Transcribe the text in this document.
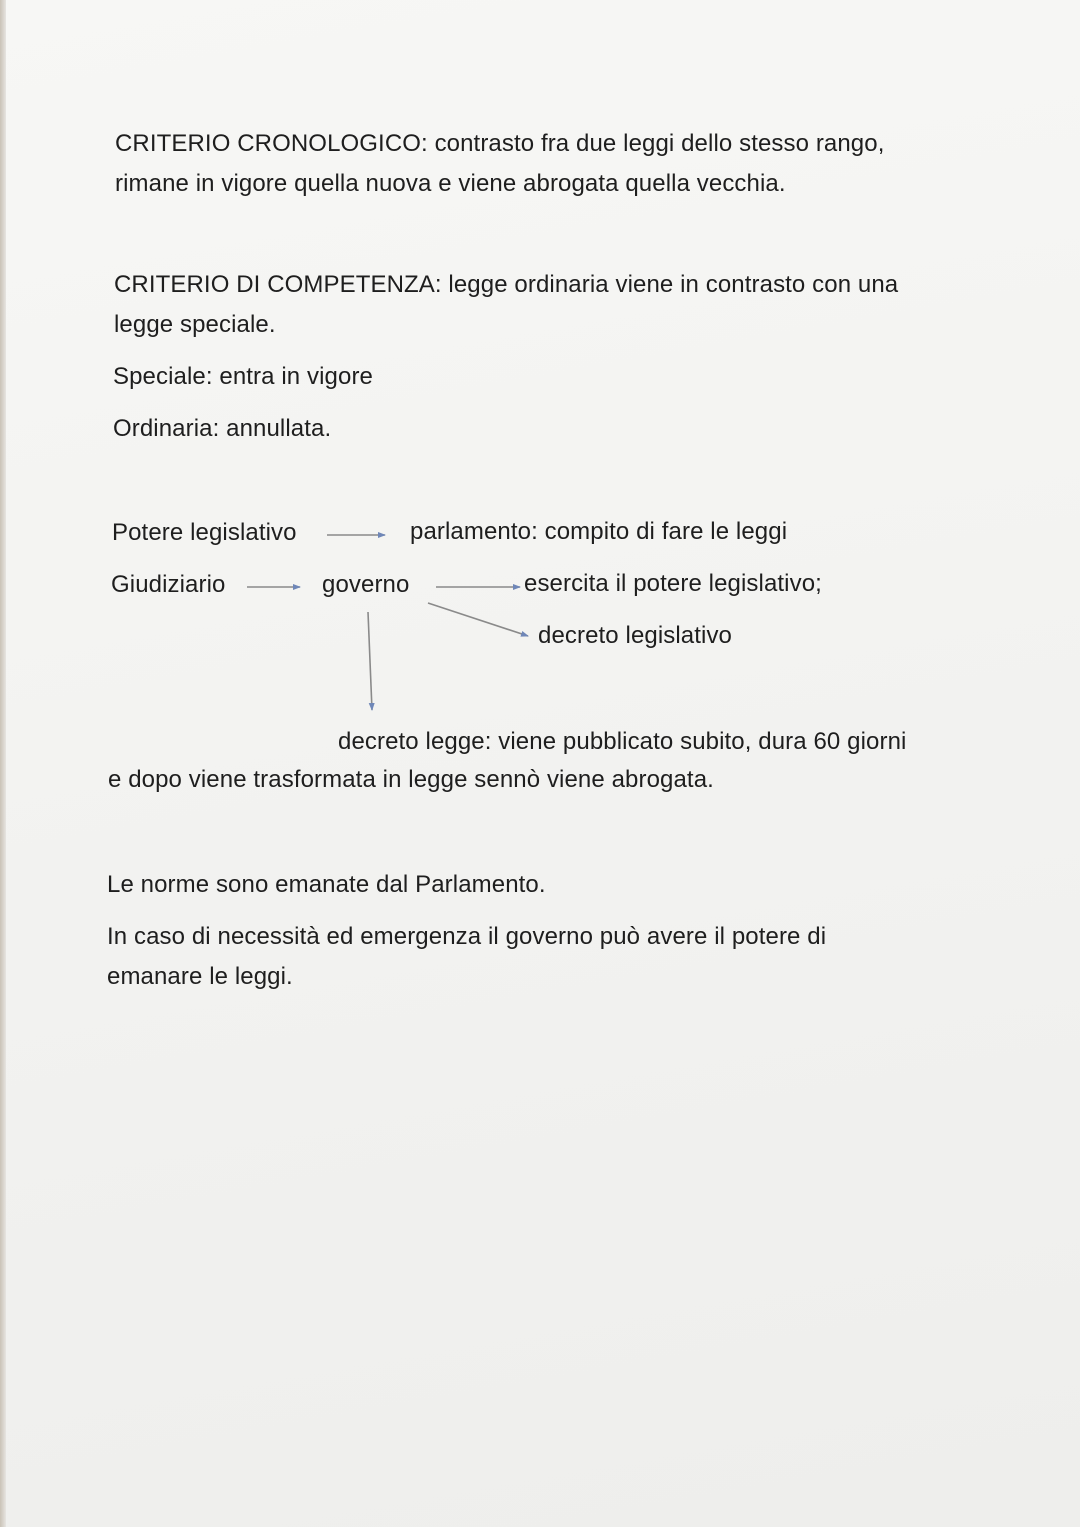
CRITERIO CRONOLOGICO: contrasto fra due leggi dello stesso rango,
rimane in vigore quella nuova e viene abrogata quella vecchia.
CRITERIO DI COMPETENZA: legge ordinaria viene in contrasto con una
legge speciale.
Speciale: entra in vigore
Ordinaria: annullata.
Potere legislativo	parlamento: compito di fare le leggi
Giudiziario	governo	esercita il potere legislativo;
decreto legislativo
decreto legge: viene pubblicato subito, dura 60 giorni
e dopo viene trasformata in legge sennò viene abrogata.
Le norme sono emanate dal Parlamento.
In caso di necessità ed emergenza il governo può avere il potere di
emanare le leggi.
